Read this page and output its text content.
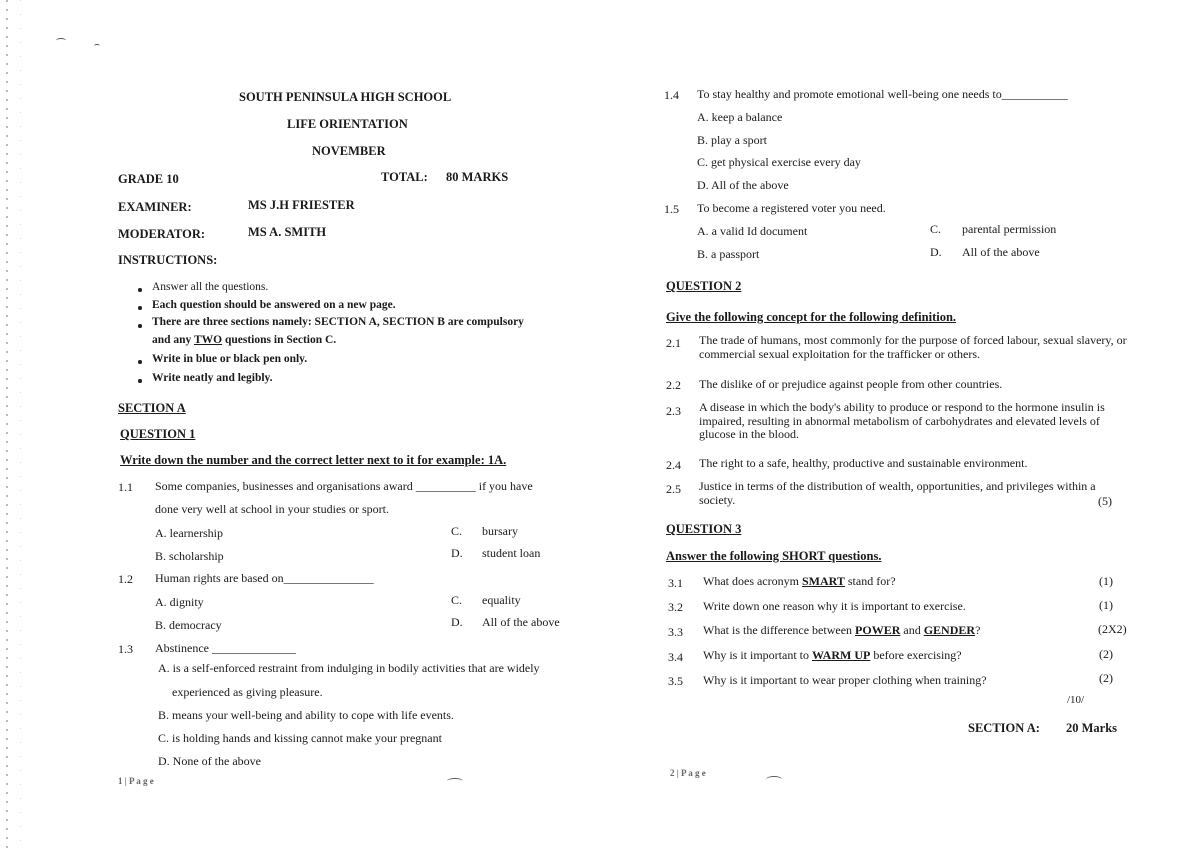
SOUTH PENINSULA HIGH SCHOOL
LIFE ORIENTATION
NOVEMBER
GRADE 10	TOTAL: 80 MARKS
EXAMINER:	MS J.H FRIESTER
MODERATOR:	MS A. SMITH
INSTRUCTIONS:
Answer all the questions.
Each question should be answered on a new page.
There are three sections namely: SECTION A, SECTION B are compulsory
and any TWO questions in Section C.
Write in blue or black pen only.
Write neatly and legibly.
SECTION A
QUESTION 1
Write down the number and the correct letter next to it for example: 1A.
1.1 Some companies, businesses and organisations award __________ if you have
done very well at school in your studies or sport.
A. learnership	C. bursary
B. scholarship	D. student loan
1.2 Human rights are based on_______________
A. dignity	C. equality
B. democracy	D. All of the above
1.3 Abstinence ______________
A. is a self-enforced restraint from indulging in bodily activities that are widely
experienced as giving pleasure.
B. means your well-being and ability to cope with life events.
C. is holding hands and kissing cannot make your pregnant
D. None of the above
1 | P a g e
1.4 To stay healthy and promote emotional well-being one needs to___________
A. keep a balance
B. play a sport
C. get physical exercise every day
D. All of the above
1.5 To become a registered voter you need.
A. a valid Id document	C. parental permission
B. a passport	D. All of the above
QUESTION 2
Give the following concept for the following definition.
2.1 The trade of humans, most commonly for the purpose of forced labour, sexual slavery, or commercial sexual exploitation for the trafficker or others.
2.2 The dislike of or prejudice against people from other countries.
2.3 A disease in which the body's ability to produce or respond to the hormone insulin is impaired, resulting in abnormal metabolism of carbohydrates and elevated levels of glucose in the blood.
2.4 The right to a safe, healthy, productive and sustainable environment.
2.5 Justice in terms of the distribution of wealth, opportunities, and privileges within a society.	(5)
QUESTION 3
Answer the following SHORT questions.
3.1 What does acronym SMART stand for?	(1)
3.2 Write down one reason why it is important to exercise.	(1)
3.3 What is the difference between POWER and GENDER?	(2X2)
3.4 Why is it important to WARM UP before exercising?	(2)
3.5 Why is it important to wear proper clothing when training?	(2)
/10/
SECTION A: 20 Marks
2 | P a g e
